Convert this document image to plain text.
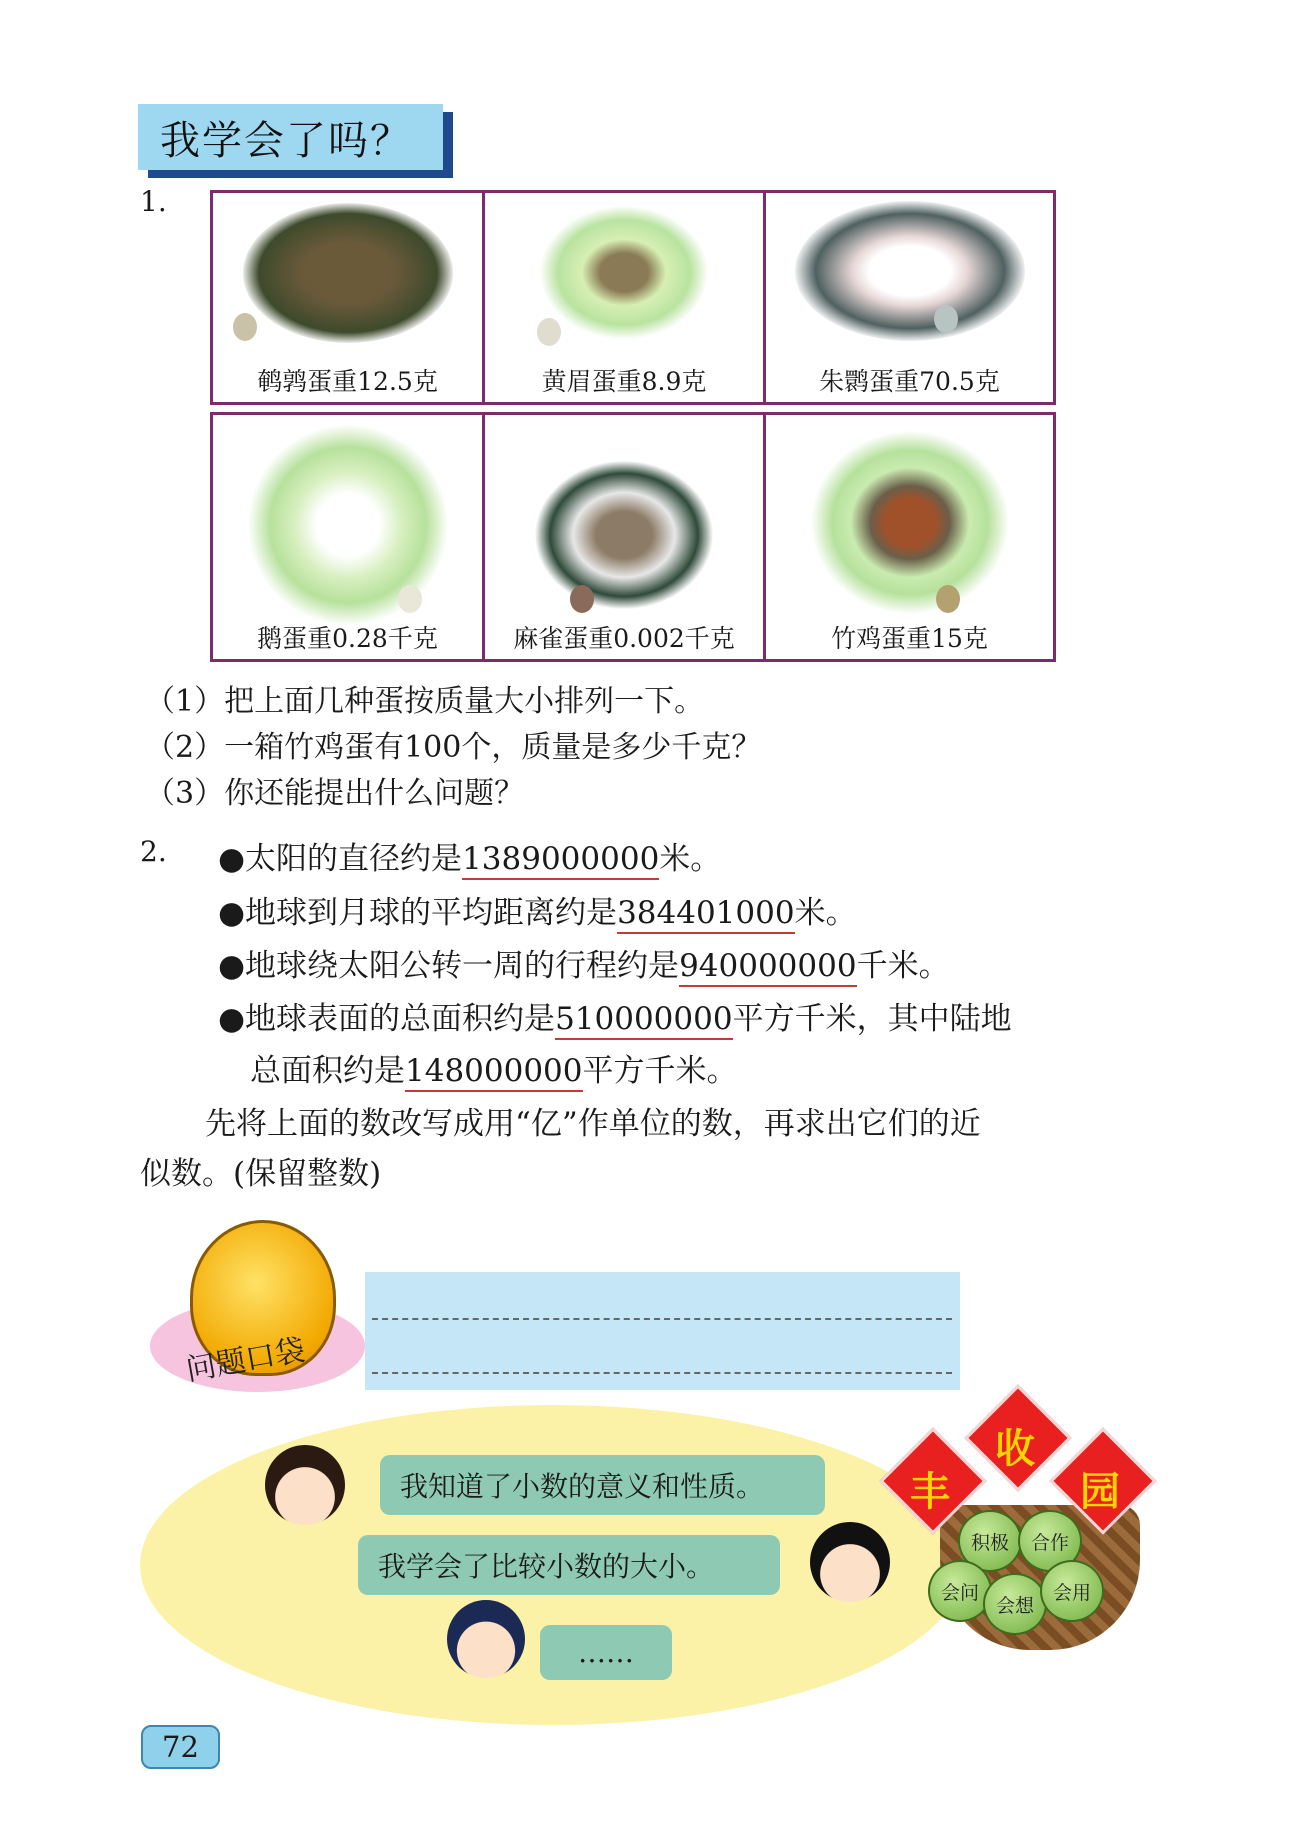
我学会了吗？
1.
鹌鹑蛋重12.5克	黄眉蛋重8.9克	朱鹮蛋重70.5克
鹅蛋重0.28千克	麻雀蛋重0.002千克	竹鸡蛋重15克
（1）把上面几种蛋按质量大小排列一下。
（2）一箱竹鸡蛋有100个，质量是多少千克？
（3）你还能提出什么问题？
2. ●太阳的直径约是1389000000米。
●地球到月球的平均距离约是384401000米。
●地球绕太阳公转一周的行程约是940000000千米。
●地球表面的总面积约是510000000平方千米，其中陆地
总面积约是148000000平方千米。
先将上面的数改写成用“亿”作单位的数，再求出它们的近
似数。(保留整数)
问题口袋
我知道了小数的意义和性质。
我学会了比较小数的大小。
……
丰
收
园
积极	合作
会问
会想
会用
72
